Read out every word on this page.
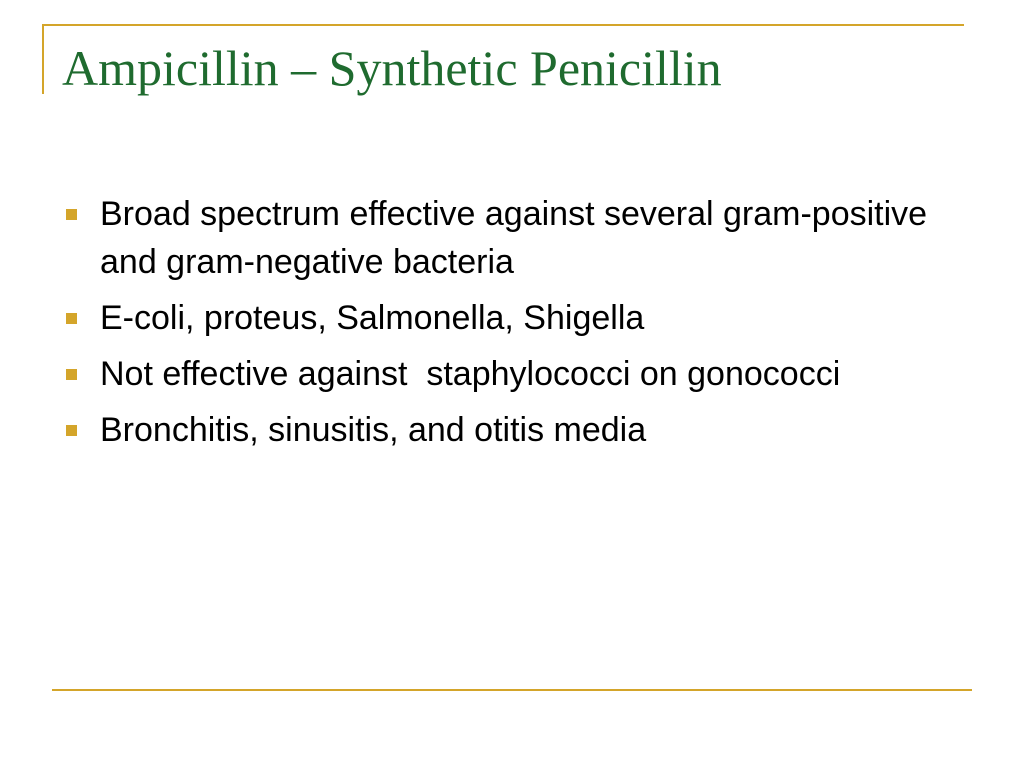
Ampicillin – Synthetic Penicillin
Broad spectrum effective against several gram-positive and gram-negative bacteria
E-coli, proteus, Salmonella, Shigella
Not effective against  staphylococci on gonococci
Bronchitis, sinusitis, and otitis media
